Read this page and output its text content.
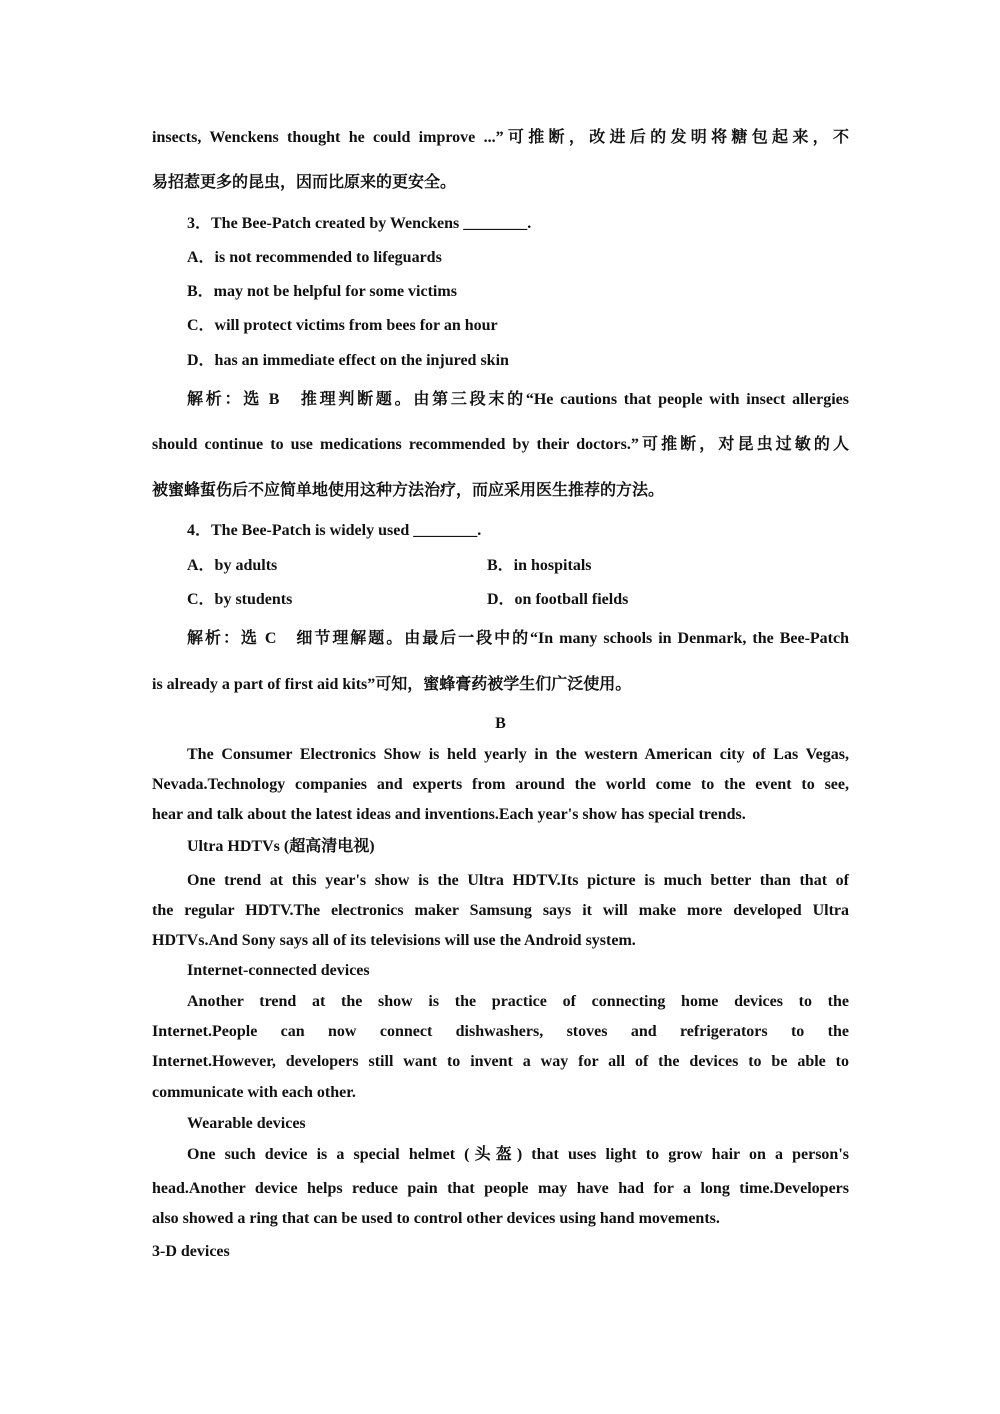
insects, Wenckens thought he could improve ...”可推断，改进后的发明将糖包起来，不
易招惹更多的昆虫，因而比原来的更安全。
3．The Bee-Patch created by Wenckens ________.
A．is not recommended to lifeguards
B．may not be helpful for some victims
C．will protect victims from bees for an hour
D．has an immediate effect on the injured skin
解析：选 B　推理判断题。由第三段末的“He cautions that people with insect allergies
should continue to use medications recommended by their doctors.”可推断，对昆虫过敏的人
被蜜蜂蜇伤后不应简单地使用这种方法治疗，而应采用医生推荐的方法。
4．The Bee-Patch is widely used ________.
A．by adults	B．in hospitals
C．by students	D．on football fields
解析：选 C　细节理解题。由最后一段中的“In many schools in Denmark, the Bee-Patch
is already a part of first aid kits”可知，蜜蜂膏药被学生们广泛使用。
B
The Consumer Electronics Show is held yearly in the western American city of Las Vegas,
Nevada.Technology companies and experts from around the world come to the event to see,
hear and talk about the latest ideas and inventions.Each year's show has special trends.
Ultra HDTVs (超高清电视)
One trend at this year's show is the Ultra HDTV.Its picture is much better than that of
the regular HDTV.The electronics maker Samsung says it will make more developed Ultra
HDTVs.And Sony says all of its televisions will use the Android system.
Internet-connected devices
Another trend at the show is the practice of connecting home devices to the
Internet.People can now connect dishwashers, stoves and refrigerators to the
Internet.However, developers still want to invent a way for all of the devices to be able to
communicate with each other.
Wearable devices
One such device is a special helmet (头盔) that uses light to grow hair on a person's
head.Another device helps reduce pain that people may have had for a long time.Developers
also showed a ring that can be used to control other devices using hand movements.
3-D devices
